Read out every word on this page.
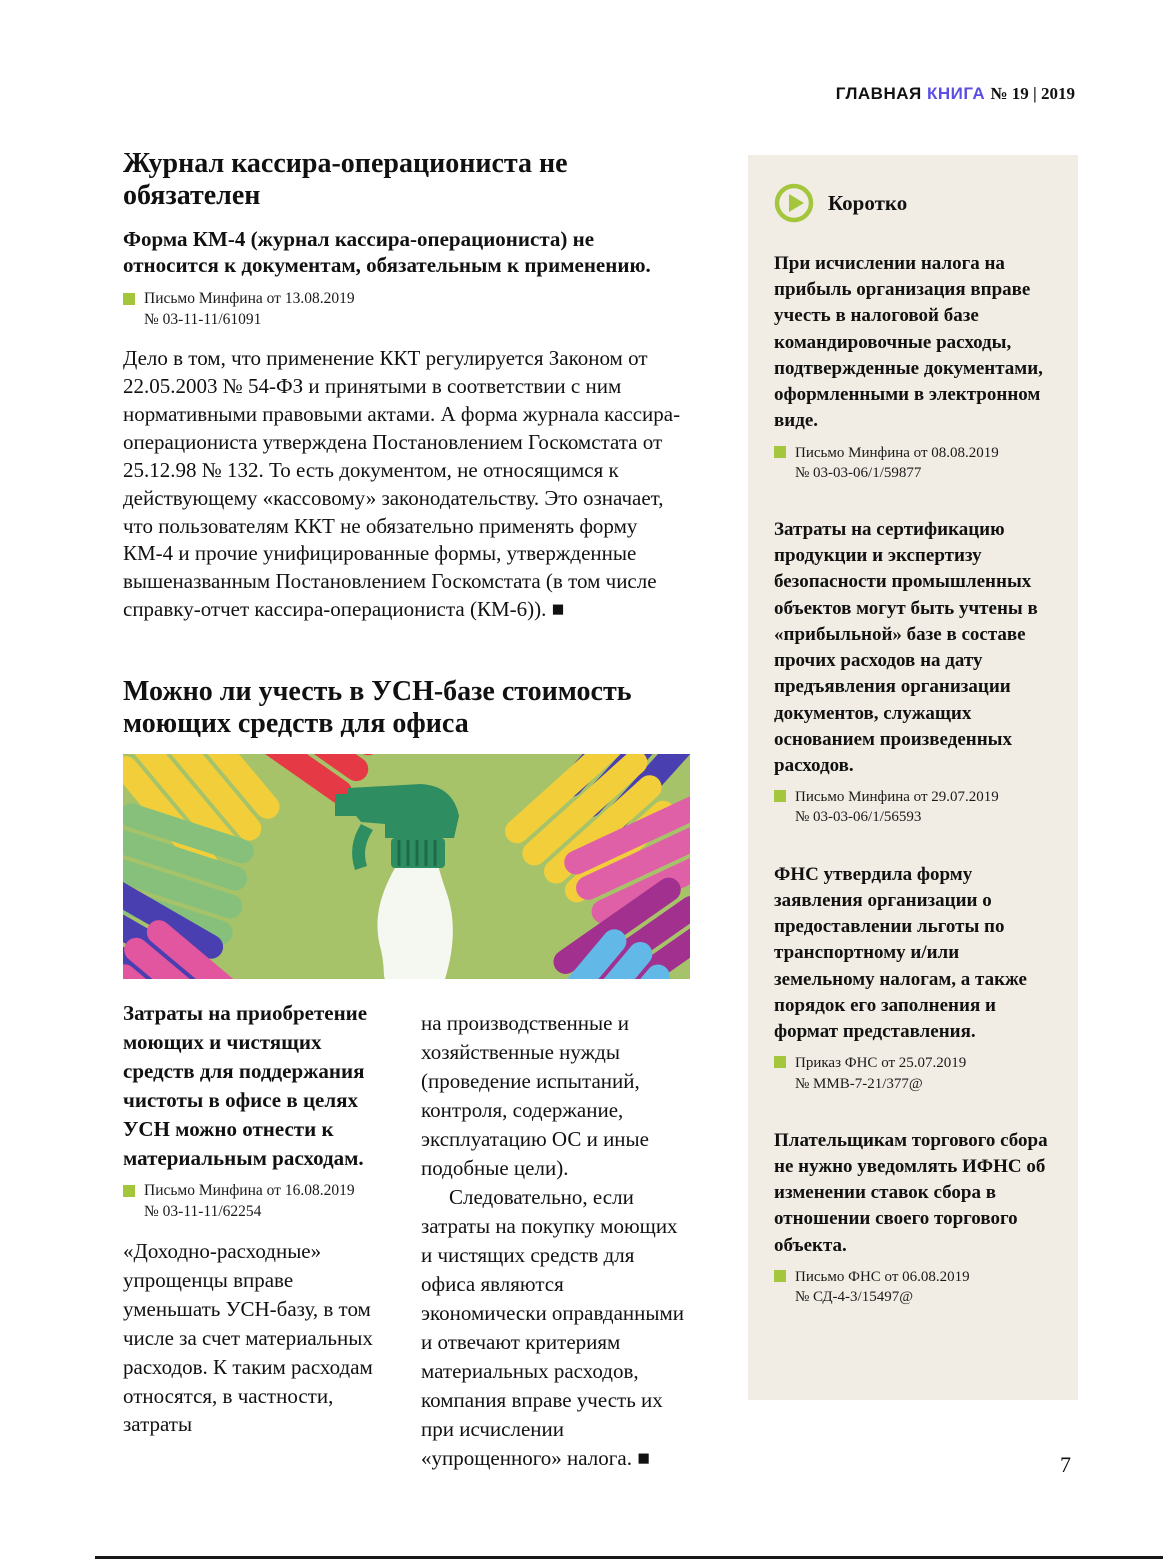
ГЛАВНАЯ КНИГА № 19 | 2019
Журнал кассира-операциониста не обязателен

Форма КМ-4 (журнал кассира-операциониста) не относится к документам, обязательным к применению.

Письмо Минфина от 13.08.2019
№ 03-11-11/61091

Дело в том, что применение ККТ регулируется Законом от 22.05.2003 № 54-ФЗ и принятыми в соответствии с ним нормативными правовыми актами. А форма журнала кассира-операциониста утверждена Постановлением Госкомстата от 25.12.98 № 132. То есть документом, не относящимся к действующему «кассовому» законодательству. Это означает, что пользователям ККТ не обязательно применять форму КМ-4 и прочие унифицированные формы, утвержденные вышеназванным Постановлением Госкомстата (в том числе справку-отчет кассира-операциониста (КМ-6)). ■

Можно ли учесть в УСН-базе стоимость моющих средств для офиса

Затраты на приобретение моющих и чистящих средств для поддержания чистоты в офисе в целях УСН можно отнести к материальным расходам.

Письмо Минфина от 16.08.2019
№ 03-11-11/62254

«Доходно-расходные» упрощенцы вправе уменьшать УСН-базу, в том числе за счет материальных расходов. К таким расходам относятся, в частности, затраты

на производственные и хозяйственные нужды (проведение испытаний, контроля, содержание, эксплуатацию ОС и иные подобные цели).

Следовательно, если затраты на покупку моющих и чистящих средств для офиса являются экономически оправданными и отвечают критериям материальных расходов, компания вправе учесть их при исчислении «упрощенного» налога. ■

Коротко

При исчислении налога на прибыль организация вправе учесть в налоговой базе командировочные расходы, подтвержденные документами, оформленными в электронном виде.

Письмо Минфина от 08.08.2019
№ 03-03-06/1/59877

Затраты на сертификацию продукции и экспертизу безопасности промышленных объектов могут быть учтены в «прибыльной» базе в составе прочих расходов на дату предъявления организации документов, служащих основанием произведенных расходов.

Письмо Минфина от 29.07.2019
№ 03-03-06/1/56593

ФНС утвердила форму заявления организации о предоставлении льготы по транспортному и/или земельному налогам, а также порядок его заполнения и формат представления.

Приказ ФНС от 25.07.2019
№ ММВ-7-21/377@

Плательщикам торгового сбора не нужно уведомлять ИФНС об изменении ставок сбора в отношении своего торгового объекта.

Письмо ФНС от 06.08.2019
№ СД-4-3/15497@
7
